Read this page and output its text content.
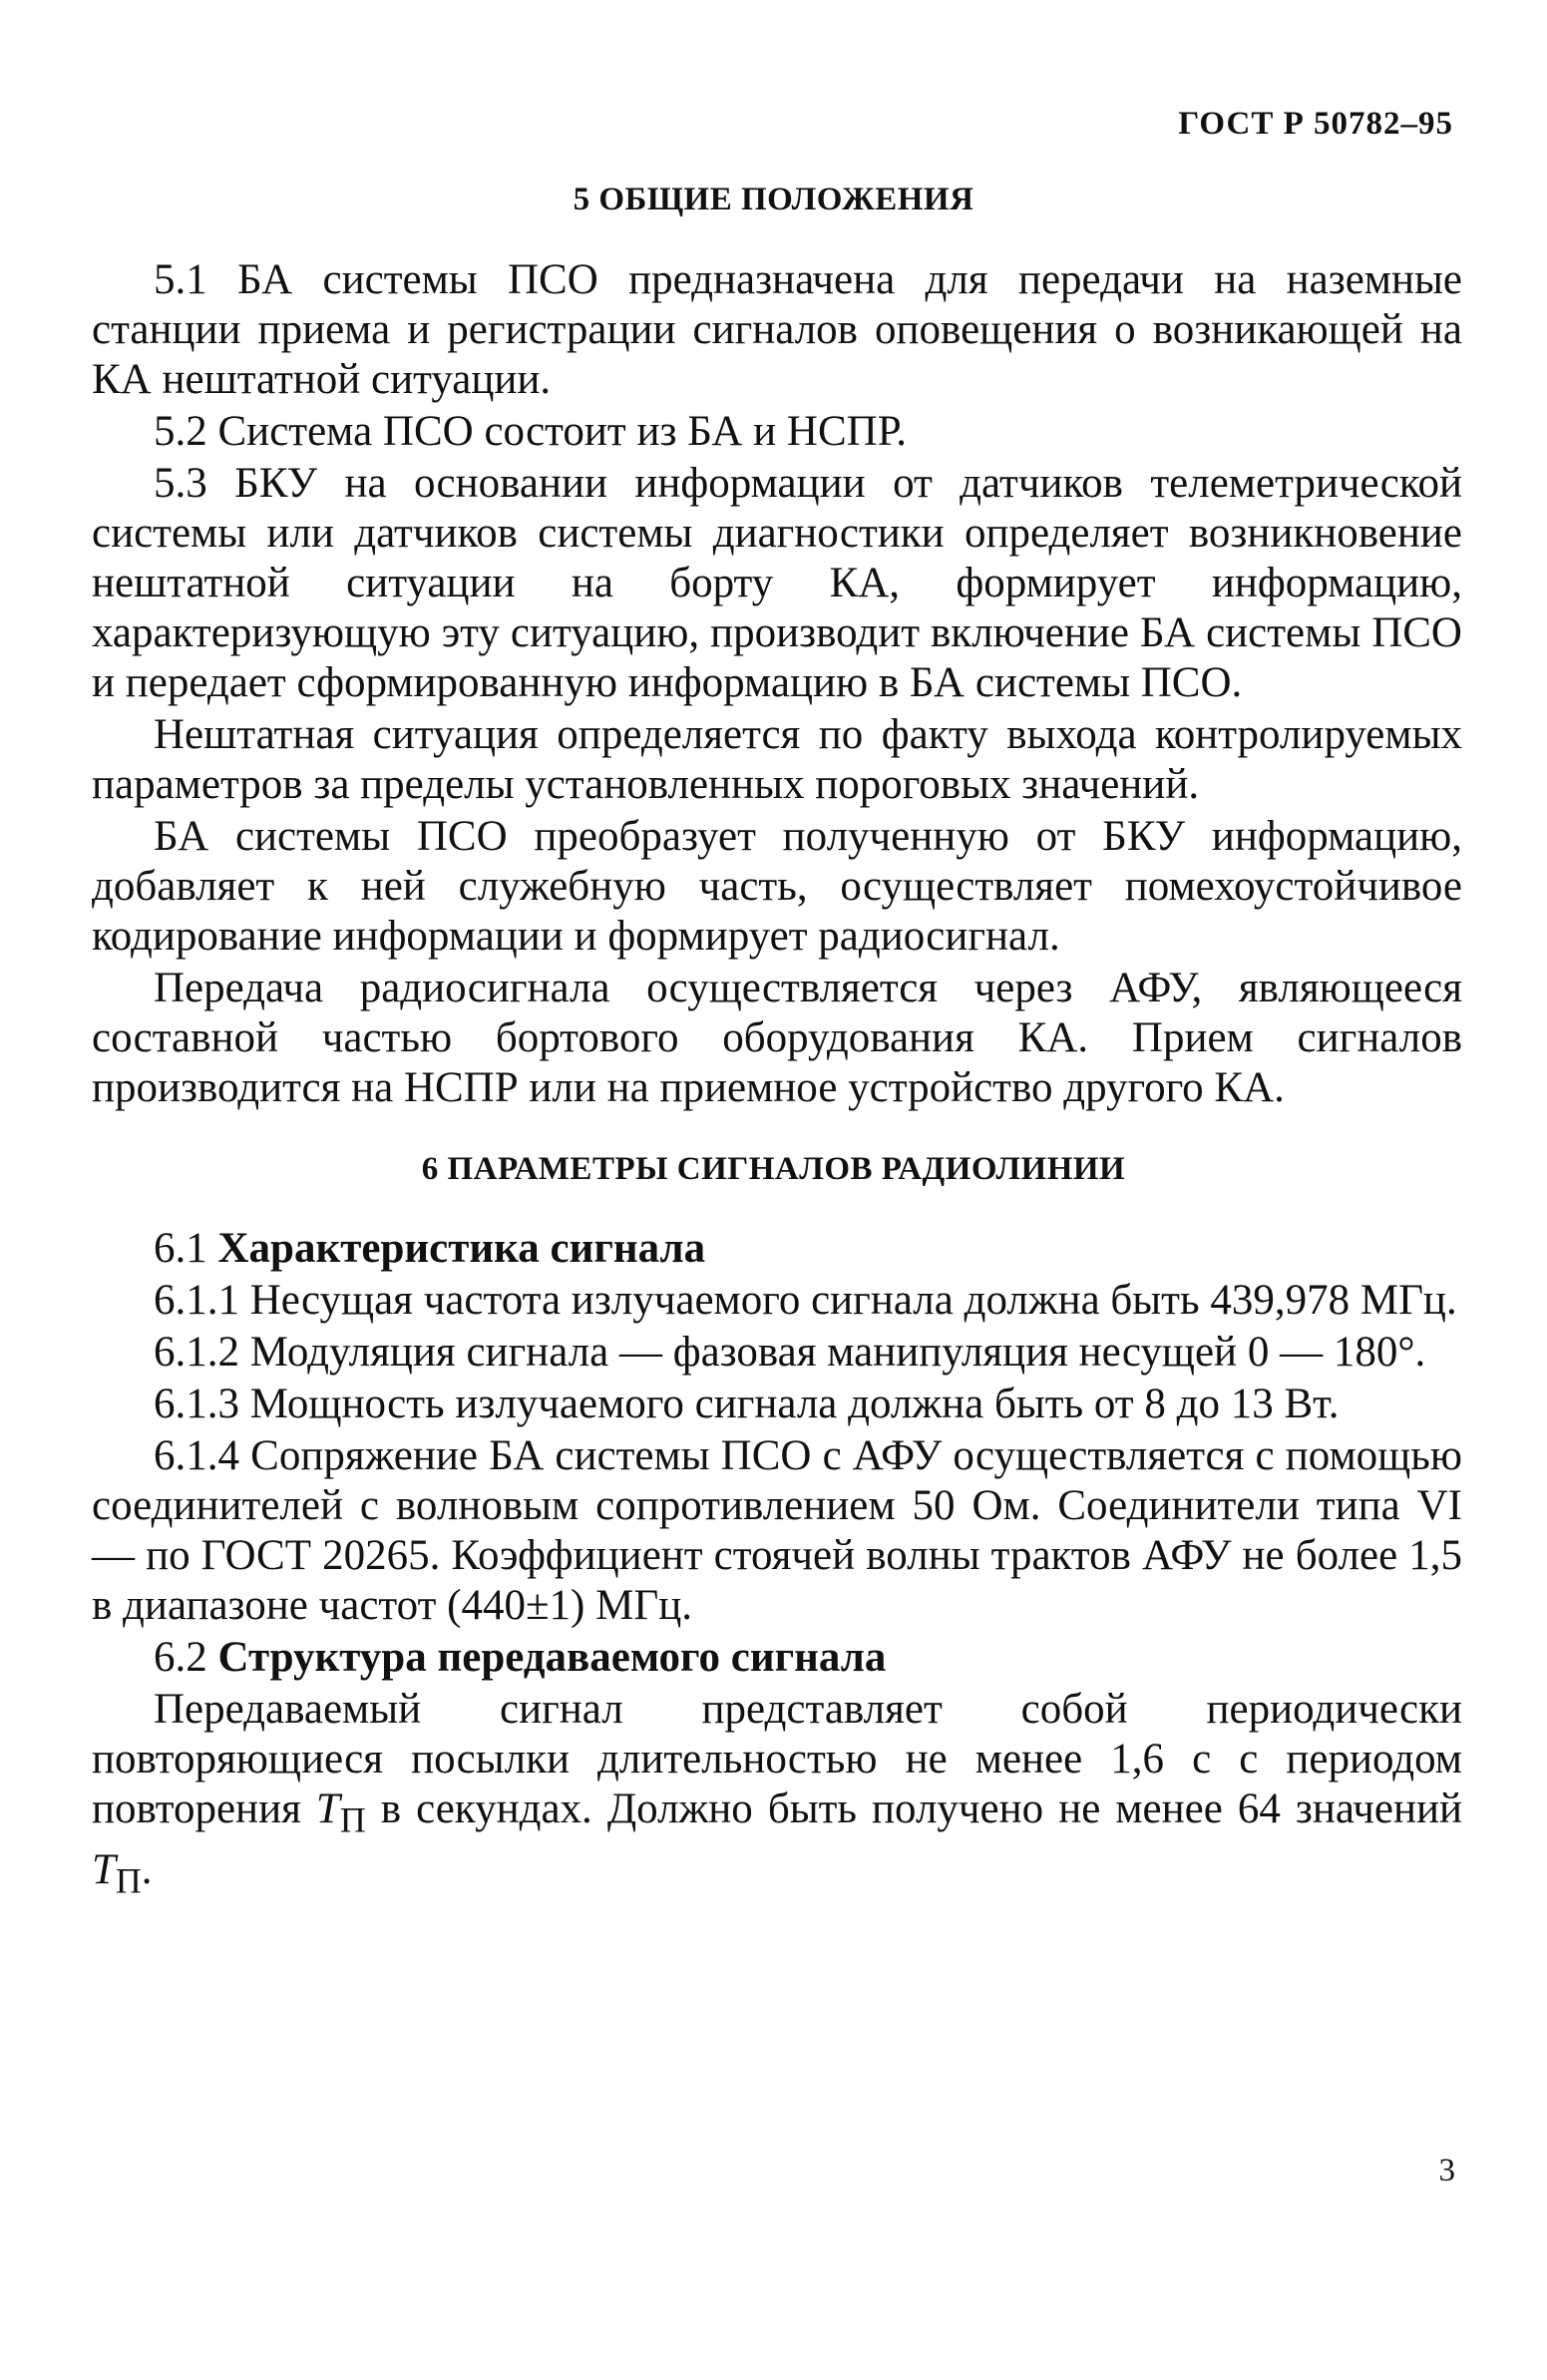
ГОСТ Р 50782–95
5 ОБЩИЕ ПОЛОЖЕНИЯ

5.1 БА системы ПСО предназначена для передачи на наземные станции приема и регистрации сигналов оповещения о возникающей на КА нештатной ситуации.

5.2 Система ПСО состоит из БА и НСПР.

5.3 БКУ на основании информации от датчиков телеметрической системы или датчиков системы диагностики определяет возникновение нештатной ситуации на борту КА, формирует информацию, характеризующую эту ситуацию, производит включение БА системы ПСО и передает сформированную информацию в БА системы ПСО.

Нештатная ситуация определяется по факту выхода контролируемых параметров за пределы установленных пороговых значений.

БА системы ПСО преобразует полученную от БКУ информацию, добавляет к ней служебную часть, осуществляет помехоустойчивое кодирование информации и формирует радиосигнал.

Передача радиосигнала осуществляется через АФУ, являющееся составной частью бортового оборудования КА. Прием сигналов производится на НСПР или на приемное устройство другого КА.

6 ПАРАМЕТРЫ СИГНАЛОВ РАДИОЛИНИИ

6.1 Характеристика сигнала

6.1.1 Несущая частота излучаемого сигнала должна быть 439,978 МГц.

6.1.2 Модуляция сигнала — фазовая манипуляция несущей 0 — 180°.

6.1.3 Мощность излучаемого сигнала должна быть от 8 до 13 Вт.

6.1.4 Сопряжение БА системы ПСО с АФУ осуществляется с помощью соединителей с волновым сопротивлением 50 Ом. Соединители типа VI — по ГОСТ 20265. Коэффициент стоячей волны трактов АФУ не более 1,5 в диапазоне частот (440±1) МГц.

6.2 Структура передаваемого сигнала

Передаваемый сигнал представляет собой периодически повторяющиеся посылки длительностью не менее 1,6 с с периодом повторения $T_П$ в секундах. Должно быть получено не менее 64 значений $T_П$.

3
